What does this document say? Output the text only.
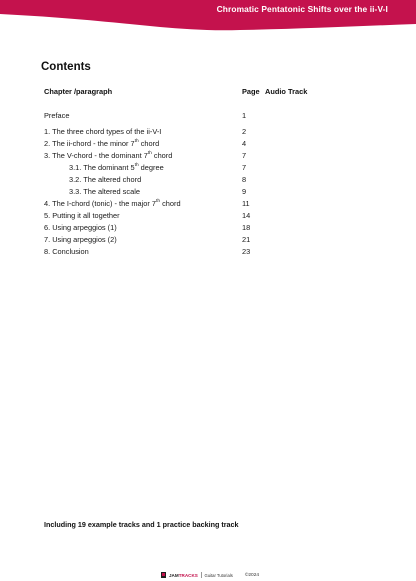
Chromatic Pentatonic Shifts over the ii-V-I
Contents
Chapter /paragraph	Page Audio Track
Preface	1
1. The three chord types of the ii-V-I	2
2. The ii-chord - the minor 7th chord	4
3. The V-chord - the dominant 7th chord	7
3.1. The dominant 5th degree	7
3.2. The altered chord	8
3.3. The altered scale	9
4. The I-chord (tonic) - the major 7th chord	11
5. Putting it all together	14
6. Using arpeggios (1)	18
7. Using arpeggios (2)	21
8. Conclusion	23
Including 19 example tracks and 1 practice backing track
JAMTRACKS Guitar Tutorials	©2024
